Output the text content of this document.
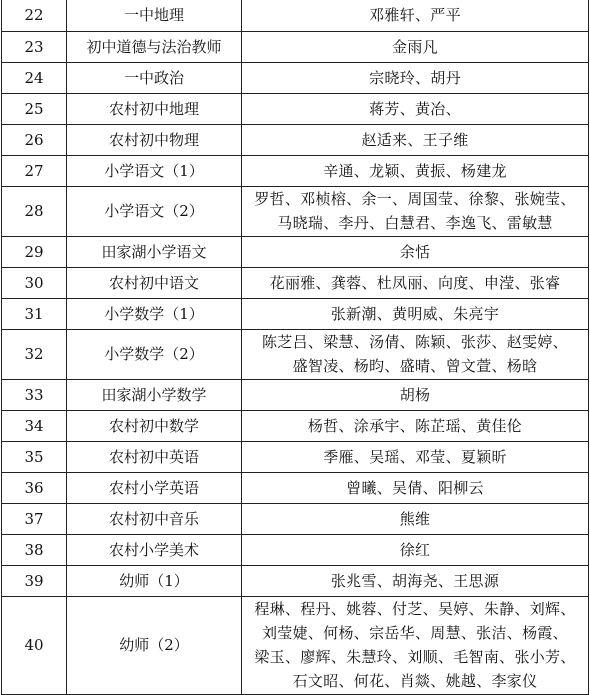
22	一中地理	邓雅轩、严平

23	初中道德与法治教师	金雨凡

24	一中政治	宗晓玲、胡丹

25	农村初中地理	蒋芳、黄冶、

26	农村初中物理	赵适来、王子维

27	小学语文（1）	辛通、龙颖、黄振、杨建龙

28	小学语文（2）	罗哲、邓桢榕、余一、周国莹、徐黎、张婉莹、
马晓瑞、李丹、白慧君、李逸飞、雷敏慧

29	田家湖小学语文	余恬

30	农村初中语文	花丽雅、龚蓉、杜凤丽、向度、申滢、张睿

31	小学数学（1）	张新潮、黄明威、朱亮宇

32	小学数学（2）	陈芝吕、梁慧、汤倩、陈颖、张莎、赵雯婷、
盛智凌、杨昀、盛晴、曾文萱、杨晗

33	田家湖小学数学	胡杨

34	农村初中数学	杨哲、涂承宇、陈芷瑶、黄佳伦

35	农村初中英语	季雁、吴瑶、邓莹、夏颖昕

36	农村小学英语	曾曦、吴倩、阳柳云

37	农村初中音乐	熊维

38	农村小学美术	徐红

39	幼师（1）	张兆雪、胡海尧、王思源

40	幼师（2）	程琳、程丹、姚蓉、付芝、吴婷、朱静、刘辉、
刘莹婕、何杨、宗岳华、周慧、张洁、杨霞、
梁玉、廖辉、朱慧玲、刘顺、毛智南、张小芳、
石文昭、何花、肖燚、姚越、李家仪
